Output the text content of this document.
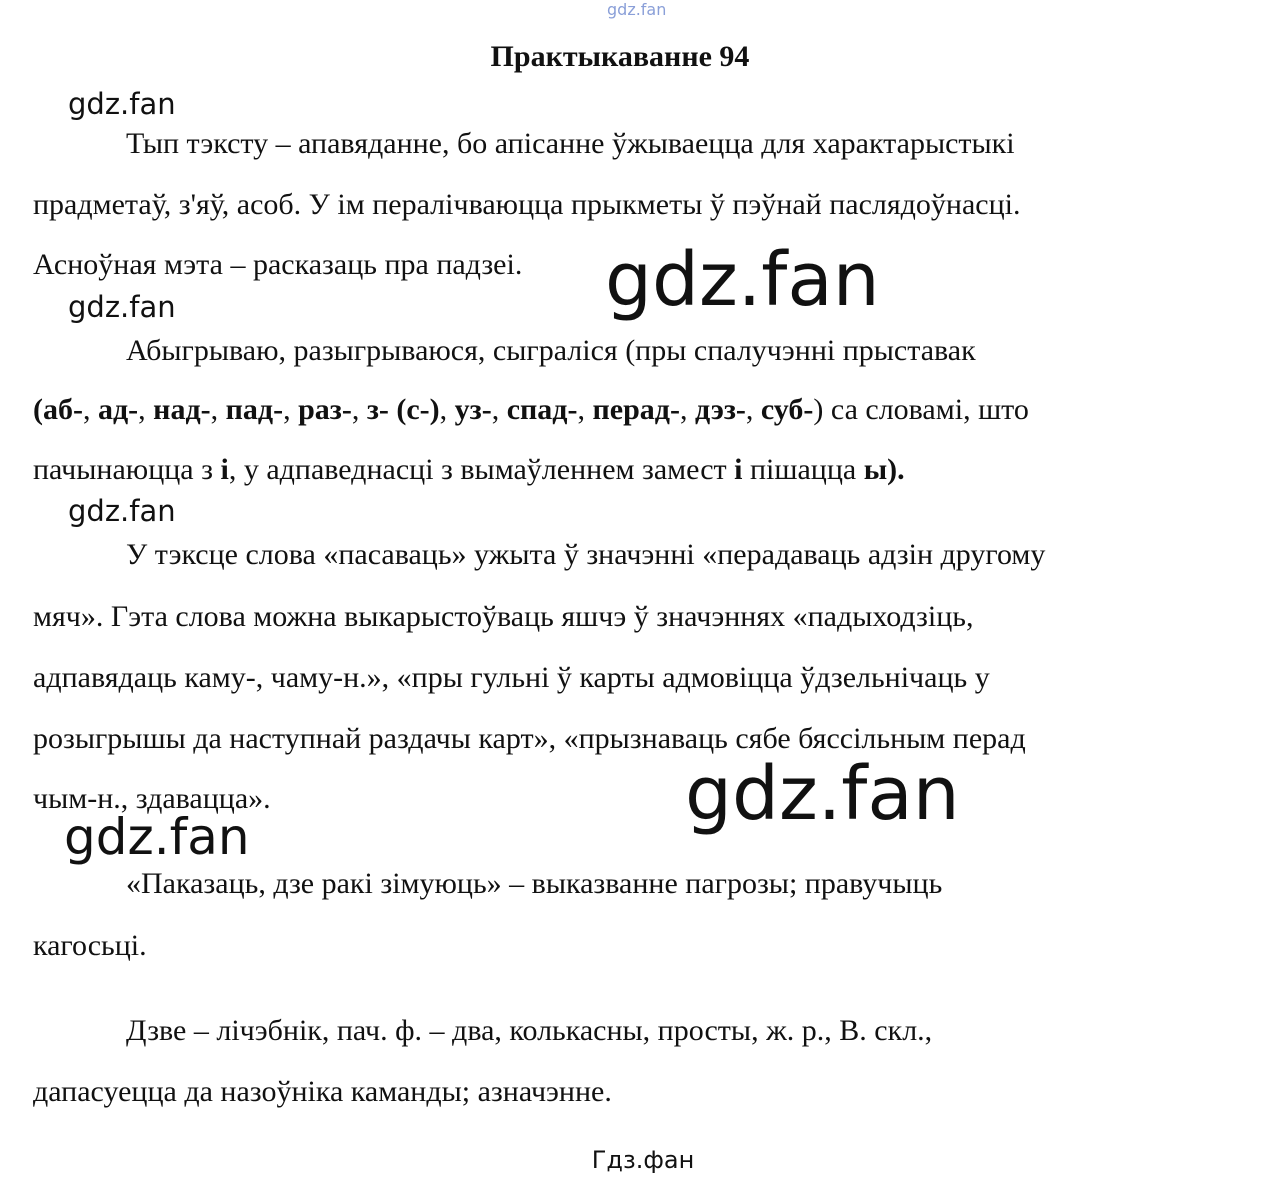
gdz.fan
Практыкаванне 94
gdz.fan
Тып тэксту – апавяданне, бо апісанне ўжываецца для характарыстыкі
прадметаў, з'яў, асоб. У ім пералічваюцца прыкметы ў пэўнай паслядоўнасці.
Асноўная мэта – расказаць пра падзеі. gdz.fan
gdz.fan
Абыгрываю, разыгрываюся, сыграліся (пры спалучэнні прыставак
(аб-, ад-, над-, пад-, раз-, з- (с-), уз-, спад-, перад-, дэз-, суб-) са словамі, што
пачынаюцца з і, у адпаведнасці з вымаўленнем замест і пішацца ы).
gdz.fan
У тэксце слова «пасаваць» ужыта ў значэнні «перадаваць адзін другому
мяч». Гэта слова можна выкарыстоўваць яшчэ ў значэннях «падыходзіць,
адпавядаць каму-, чаму-н.», «пры гульні ў карты адмовіцца ўдзельнічаць у
розыгрышы да наступнай раздачы карт», «прызнаваць сябе бяссільным перад
чым-н., здавацца».	gdz.fan
gdz.fan
«Паказаць, дзе ракі зімуюць» – выказванне пагрозы; правучыць
кагосьці.
Дзве – лічэбнік, пач. ф. – два, колькасны, просты, ж. р., В. скл.,
дапасуецца да назоўніка каманды; азначэнне.
Гдз.фан
